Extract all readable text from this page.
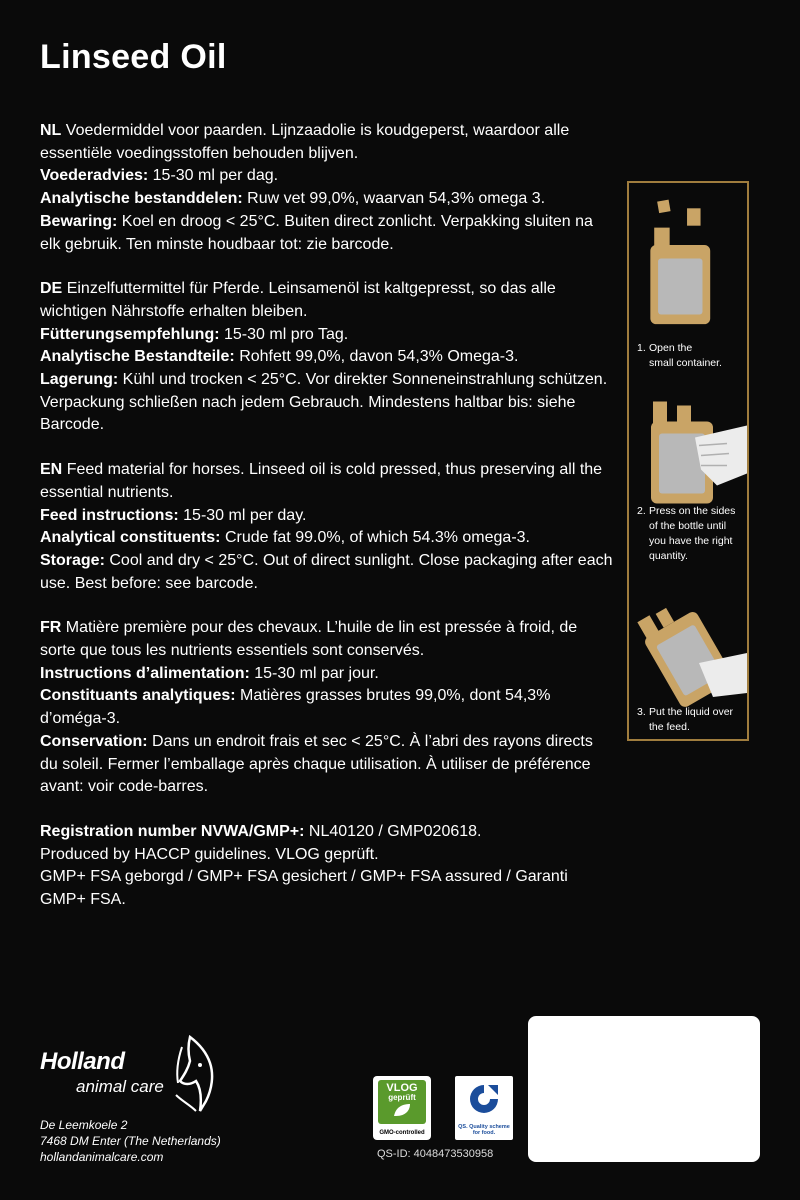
Linseed Oil

NL Voedermiddel voor paarden. Lijnzaadolie is koudgeperst, waardoor alle essentiële voedingsstoffen behouden blijven.

Voederadvies: 15-30 ml per dag.

Analytische bestanddelen: Ruw vet 99,0%, waarvan 54,3% omega 3.

Bewaring: Koel en droog < 25°C. Buiten direct zonlicht. Verpakking sluiten na elk gebruik. Ten minste houdbaar tot: zie barcode.

DE Einzelfuttermittel für Pferde. Leinsamenöl ist kaltgepresst, so das alle wichtigen Nährstoffe erhalten bleiben.

Fütterungsempfehlung: 15-30 ml pro Tag.

Analytische Bestandteile: Rohfett 99,0%, davon 54,3% Omega-3.

Lagerung: Kühl und trocken < 25°C. Vor direkter Sonneneinstrahlung schützen. Verpackung schließen nach jedem Gebrauch. Mindestens haltbar bis: siehe Barcode.

EN Feed material for horses. Linseed oil is cold pressed, thus preserving all the essential nutrients.

Feed instructions: 15-30 ml per day.

Analytical constituents: Crude fat 99.0%, of which 54.3% omega-3.

Storage: Cool and dry < 25°C. Out of direct sunlight. Close packaging after each use. Best before: see barcode.

FR Matière première pour des chevaux. L’huile de lin est pressée à froid, de sorte que tous les nutrients essentiels sont conservés.

Instructions d’alimentation: 15-30 ml par jour.

Constituants analytiques: Matières grasses brutes 99,0%, dont 54,3% d’oméga-3.

Conservation: Dans un endroit frais et sec < 25°C. À l’abri des rayons directs du soleil. Fermer l’emballage après chaque utilisation. À utiliser de préférence avant: voir code-barres.

Registration number NVWA/GMP+: NL40120 / GMP020618.

Produced by HACCP guidelines. VLOG geprüft.

GMP+ FSA geborgd / GMP+ FSA gesichert / GMP+ FSA assured / Garanti GMP+ FSA.

1. Open the
small container.
2. Press on the sides
of the bottle until
you have the right
quantity.
3. Put the liquid over
the feed.
Holland
animal care

De Leemkoele 2

7468 DM Enter (The Netherlands)

hollandanimalcare.com

VLOG
geprüft
GMO-controlled
QS. Quality scheme for food.
QS-ID: 4048473530958
